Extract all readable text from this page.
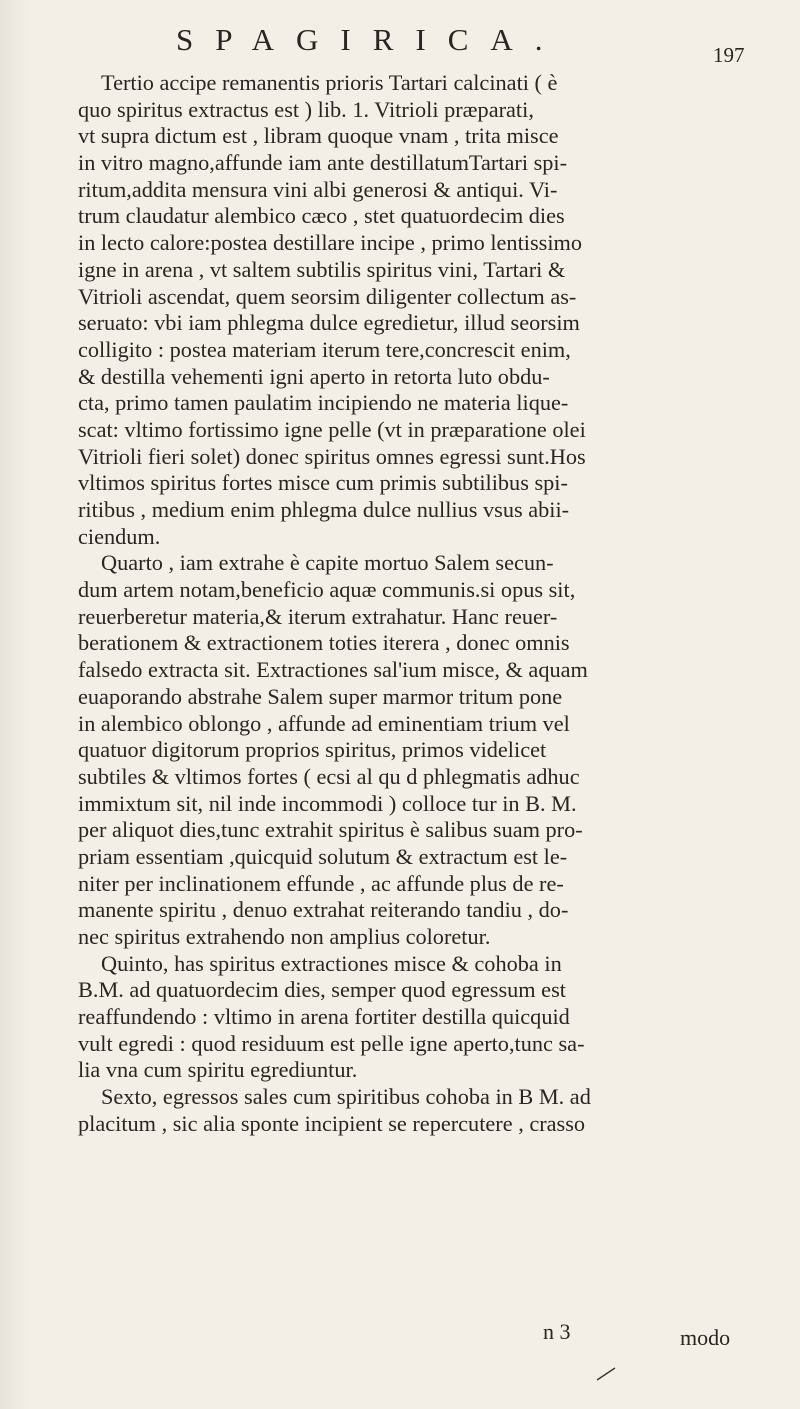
SPAGIRICA.	197
Tertio accipe remanentis prioris Tartari calcinati ( è
quo spiritus extractus est ) lib. 1. Vitrioli præparati,
vt supra dictum est , libram quoque vnam , trita misce
in vitro magno,affunde iam ante destillatumTartari spi-
ritum,addita mensura vini albi generosi & antiqui. Vi-
trum claudatur alembico cæco , stet quatuordecim dies
in lecto calore:postea destillare incipe , primo lentissimo
igne in arena , vt saltem subtilis spiritus vini, Tartari &
Vitrioli ascendat, quem seorsim diligenter collectum as-
seruato: vbi iam phlegma dulce egredietur, illud seorsim
colligito : postea materiam iterum tere,concrescit enim,
& destilla vehementi igni aperto in retorta luto obdu-
cta, primo tamen paulatim incipiendo ne materia lique-
scat: vltimo fortissimo igne pelle (vt in præparatione olei
Vitrioli fieri solet) donec spiritus omnes egressi sunt.Hos
vltimos spiritus fortes misce cum primis subtilibus spi-
ritibus , medium enim phlegma dulce nullius vsus abii-
ciendum.
Quarto , iam extrahe è capite mortuo Salem secun-
dum artem notam,beneficio aquæ communis.si opus sit,
reuerberetur materia,& iterum extrahatur. Hanc reuer-
berationem & extractionem toties iterera , donec omnis
falsedo extracta sit. Extractiones sal'ium misce, & aquam
euaporando abstrahe Salem super marmor tritum pone
in alembico oblongo , affunde ad eminentiam trium vel
quatuor digitorum proprios spiritus, primos videlicet
subtiles & vltimos fortes ( ecsi al qu d phlegmatis adhuc
immixtum sit, nil inde incommodi ) colloce tur in B. M.
per aliquot dies,tunc extrahit spiritus è salibus suam pro-
priam essentiam ,quicquid solutum & extractum est le-
niter per inclinationem effunde , ac affunde plus de re-
manente spiritu , denuo extrahat reiterando tandiu , do-
nec spiritus extrahendo non amplius coloretur.
Quinto, has spiritus extractiones misce & cohoba in
B.M. ad quatuordecim dies, semper quod egressum est
reaffundendo : vltimo in arena fortiter destilla quicquid
vult egredi : quod residuum est pelle igne aperto,tunc sa-
lia vna cum spiritu egrediuntur.
Sexto, egressos sales cum spiritibus cohoba in B M. ad
placitum , sic alia sponte incipient se repercutere , crasso
n 3	modo
